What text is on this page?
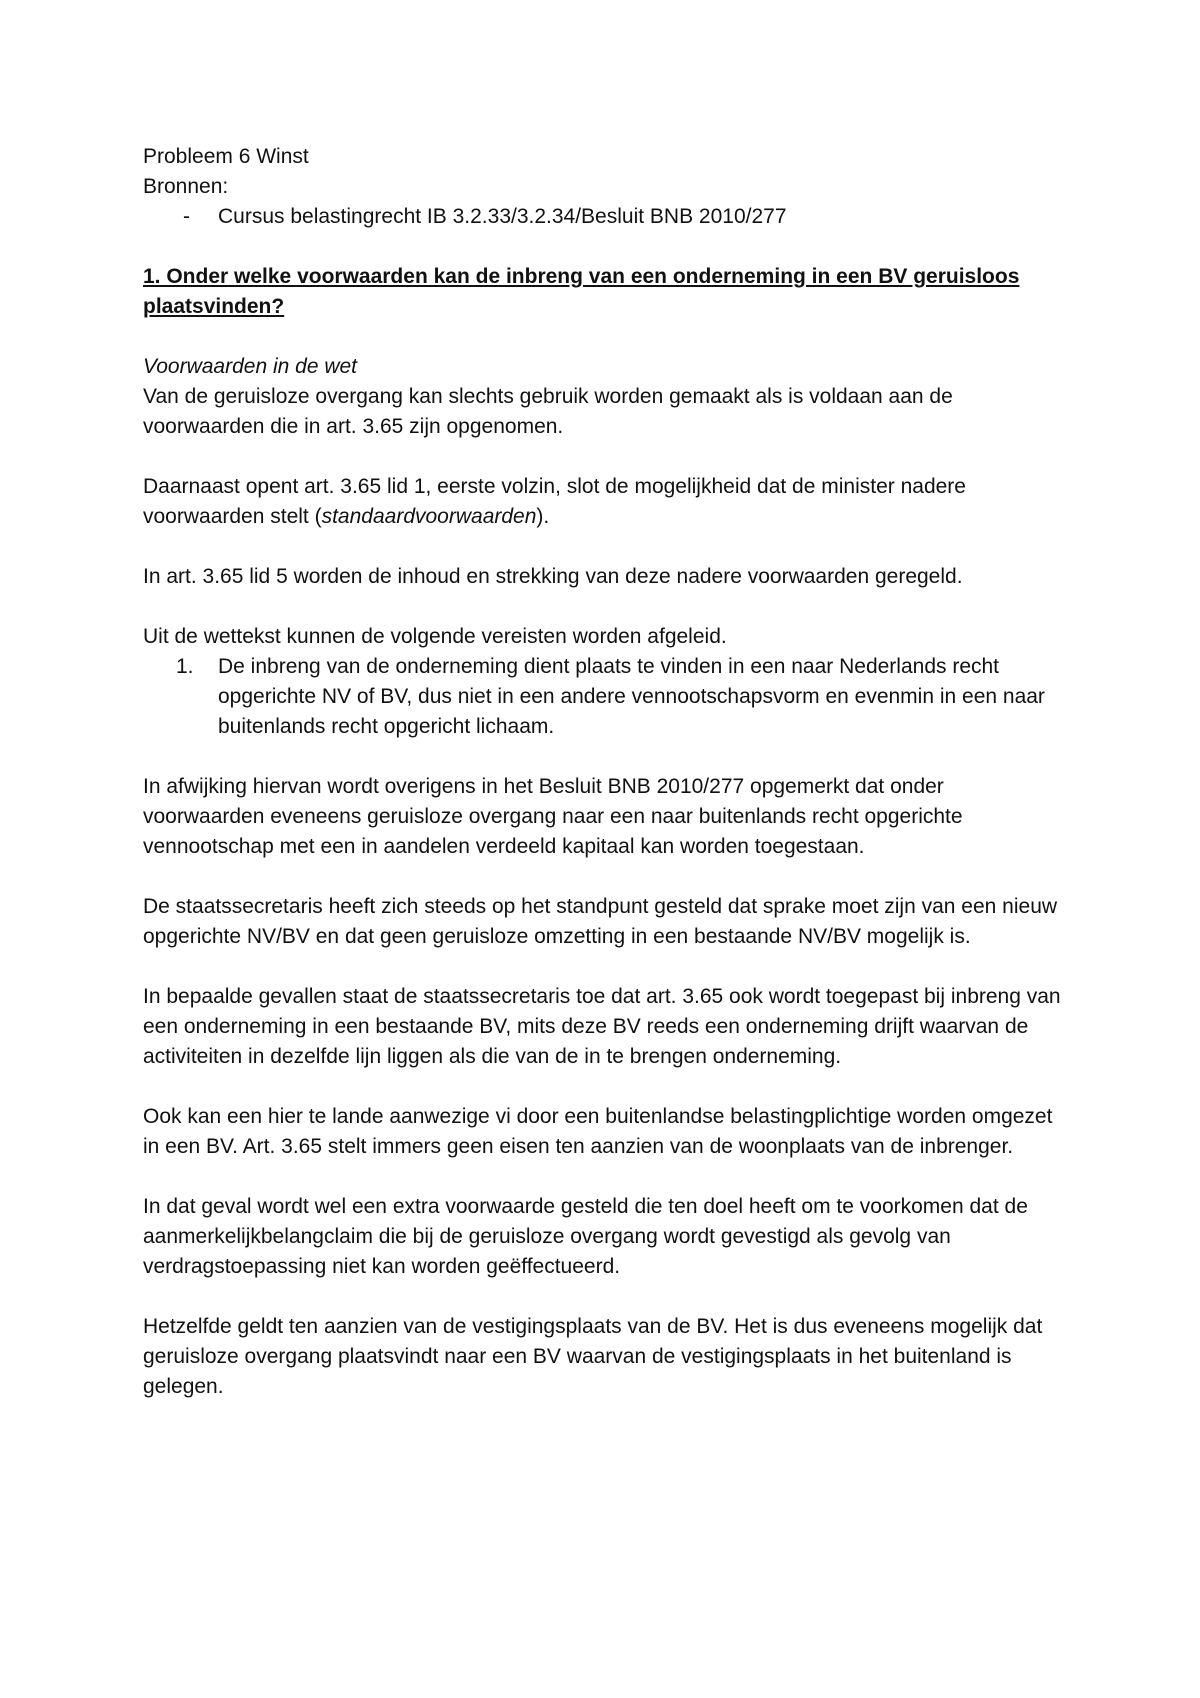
Probleem 6 Winst

Bronnen:

- Cursus belastingrecht IB 3.2.33/3.2.34/Besluit BNB 2010/277

1. Onder welke voorwaarden kan de inbreng van een onderneming in een BV geruisloos plaatsvinden?

Voorwaarden in de wet

Van de geruisloze overgang kan slechts gebruik worden gemaakt als is voldaan aan de voorwaarden die in art. 3.65 zijn opgenomen.

Daarnaast opent art. 3.65 lid 1, eerste volzin, slot de mogelijkheid dat de minister nadere voorwaarden stelt (standaardvoorwaarden).

In art. 3.65 lid 5 worden de inhoud en strekking van deze nadere voorwaarden geregeld.

Uit de wettekst kunnen de volgende vereisten worden afgeleid.

1. De inbreng van de onderneming dient plaats te vinden in een naar Nederlands recht opgerichte NV of BV, dus niet in een andere vennootschapsvorm en evenmin in een naar buitenlands recht opgericht lichaam.

In afwijking hiervan wordt overigens in het Besluit BNB 2010/277 opgemerkt dat onder voorwaarden eveneens geruisloze overgang naar een naar buitenlands recht opgerichte vennootschap met een in aandelen verdeeld kapitaal kan worden toegestaan.

De staatssecretaris heeft zich steeds op het standpunt gesteld dat sprake moet zijn van een nieuw opgerichte NV/BV en dat geen geruisloze omzetting in een bestaande NV/BV mogelijk is.

In bepaalde gevallen staat de staatssecretaris toe dat art. 3.65 ook wordt toegepast bij inbreng van een onderneming in een bestaande BV, mits deze BV reeds een onderneming drijft waarvan de activiteiten in dezelfde lijn liggen als die van de in te brengen onderneming.

Ook kan een hier te lande aanwezige vi door een buitenlandse belastingplichtige worden omgezet in een BV. Art. 3.65 stelt immers geen eisen ten aanzien van de woonplaats van de inbrenger.

In dat geval wordt wel een extra voorwaarde gesteld die ten doel heeft om te voorkomen dat de aanmerkelijkbelangclaim die bij de geruisloze overgang wordt gevestigd als gevolg van verdragstoepassing niet kan worden geëffectueerd.

Hetzelfde geldt ten aanzien van de vestigingsplaats van de BV. Het is dus eveneens mogelijk dat geruisloze overgang plaatsvindt naar een BV waarvan de vestigingsplaats in het buitenland is gelegen.
